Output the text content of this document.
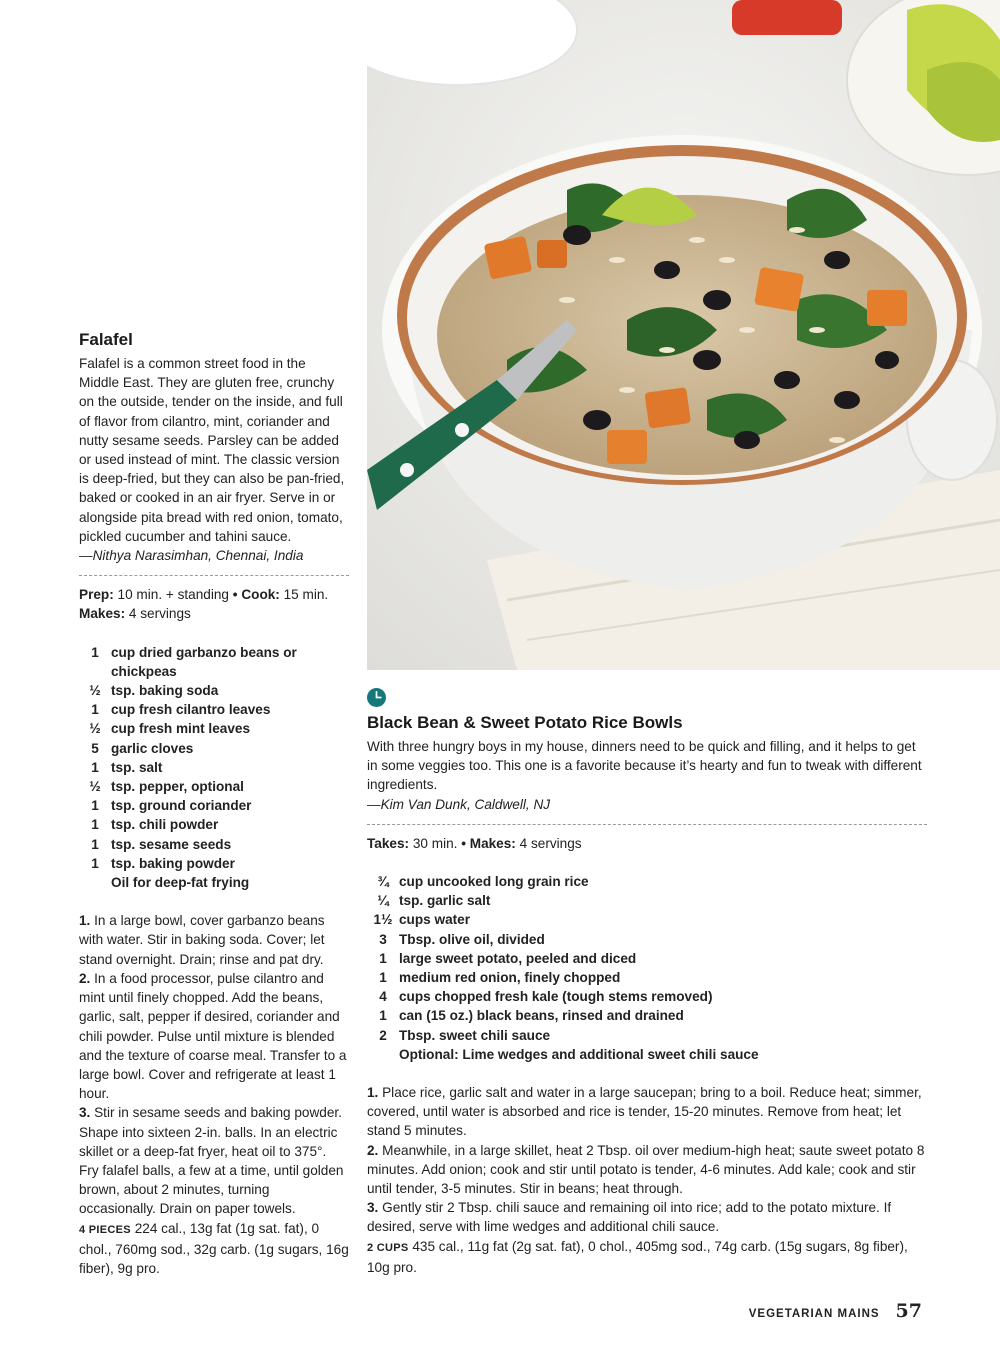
Falafel

Falafel is a common street food in the Middle East. They are gluten free, crunchy on the outside, tender on the inside, and full of flavor from cilantro, mint, coriander and nutty sesame seeds. Parsley can be added or used instead of mint. The classic version is deep-fried, but they can also be pan-fried, baked or cooked in an air fryer. Serve in or alongside pita bread with red onion, tomato, pickled cucumber and tahini sauce.

—Nithya Narasimhan, Chennai, India
Prep: 10 min. + standing • Cook: 15 min.
Makes: 4 servings
1 cup dried garbanzo beans or chickpeas
½ tsp. baking soda
1 cup fresh cilantro leaves
½ cup fresh mint leaves
5 garlic cloves
1 tsp. salt
½ tsp. pepper, optional
1 tsp. ground coriander
1 tsp. chili powder
1 tsp. sesame seeds
1 tsp. baking powder
Oil for deep-fat frying

1. In a large bowl, cover garbanzo beans with water. Stir in baking soda. Cover; let stand overnight. Drain; rinse and pat dry.

2. In a food processor, pulse cilantro and mint until finely chopped. Add the beans, garlic, salt, pepper if desired, coriander and chili powder. Pulse until mixture is blended and the texture of coarse meal. Transfer to a large bowl. Cover and refrigerate at least 1 hour.

3. Stir in sesame seeds and baking powder. Shape into sixteen 2-in. balls. In an electric skillet or a deep-fat fryer, heat oil to 375°. Fry falafel balls, a few at a time, until golden brown, about 2 minutes, turning occasionally. Drain on paper towels.

4 PIECES 224 cal., 13g fat (1g sat. fat), 0 chol., 760mg sod., 32g carb. (1g sugars, 16g fiber), 9g pro.

Black Bean & Sweet Potato Rice Bowls

With three hungry boys in my house, dinners need to be quick and filling, and it helps to get in some veggies too. This one is a favorite because it’s hearty and fun to tweak with different ingredients.

—Kim Van Dunk, Caldwell, NJ
Takes: 30 min. • Makes: 4 servings
¾ cup uncooked long grain rice
¼ tsp. garlic salt
1½ cups water
3 Tbsp. olive oil, divided
1 large sweet potato, peeled and diced
1 medium red onion, finely chopped
4 cups chopped fresh kale (tough stems removed)
1 can (15 oz.) black beans, rinsed and drained
2 Tbsp. sweet chili sauce
Optional: Lime wedges and additional sweet chili sauce

1. Place rice, garlic salt and water in a large saucepan; bring to a boil. Reduce heat; simmer, covered, until water is absorbed and rice is tender, 15-20 minutes. Remove from heat; let stand 5 minutes.

2. Meanwhile, in a large skillet, heat 2 Tbsp. oil over medium-high heat; saute sweet potato 8 minutes. Add onion; cook and stir until potato is tender, 4-6 minutes. Add kale; cook and stir until tender, 3-5 minutes. Stir in beans; heat through.

3. Gently stir 2 Tbsp. chili sauce and remaining oil into rice; add to the potato mixture. If desired, serve with lime wedges and additional chili sauce.

2 CUPS 435 cal., 11g fat (2g sat. fat), 0 chol., 405mg sod., 74g carb. (15g sugars, 8g fiber), 10g pro.

VEGETARIAN MAINS 57
